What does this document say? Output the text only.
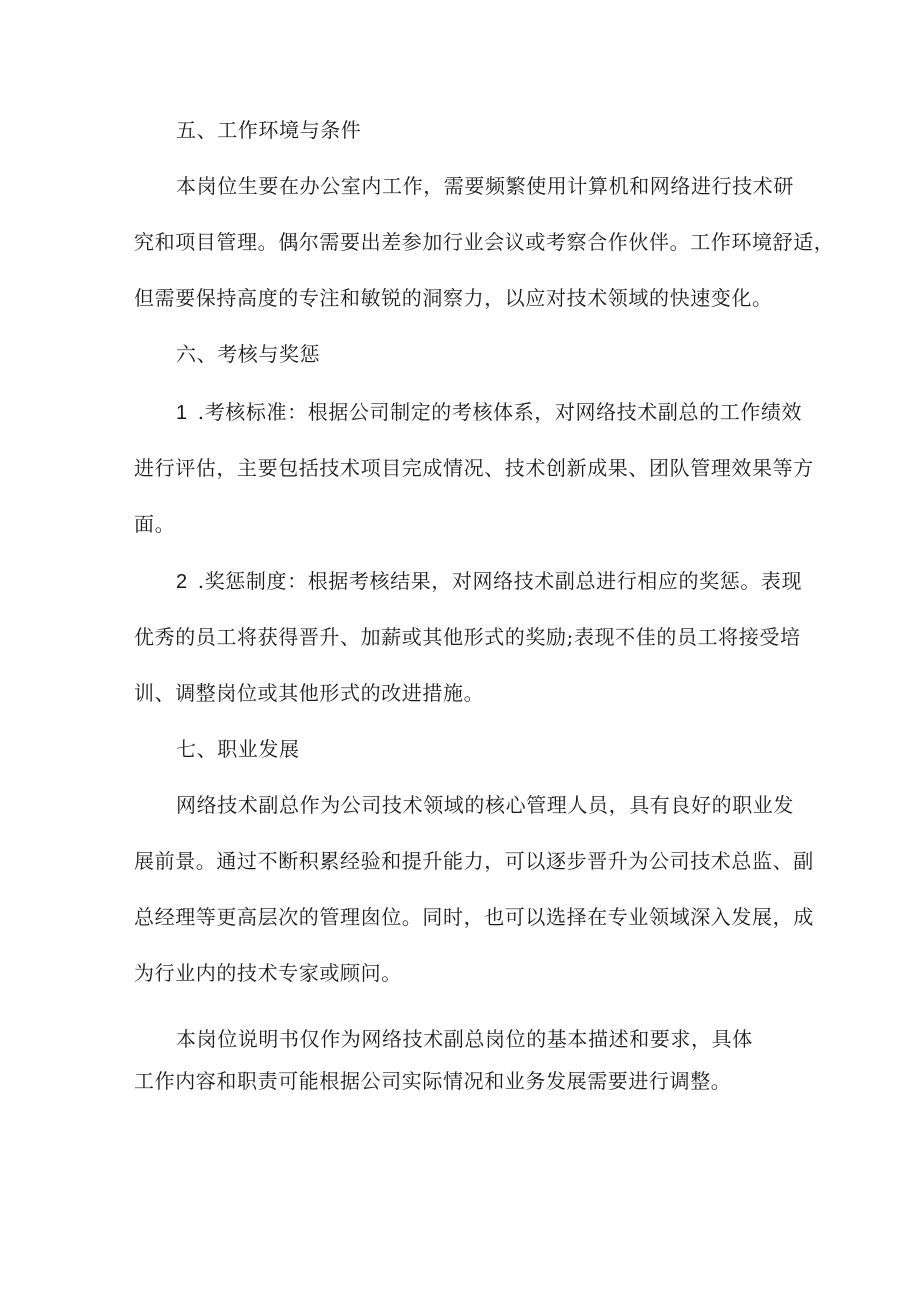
五、工作环境与条件
本岗位生要在办公室内工作，需要频繁使用计算机和网络进行技术研
究和项目管理。偶尔需要出差参加行业会议或考察合作伙伴。工作环境舒适，
但需要保持高度的专注和敏锐的洞察力，以应对技术领域的快速变化。
六、考核与奖惩
1 .考核标准：根据公司制定的考核体系，对网络技术副总的工作绩效
进行评估，主要包括技术项目完成情况、技术创新成果、团队管理效果等方
面。
2 .奖惩制度：根据考核结果，对网络技术副总进行相应的奖惩。表现
优秀的员工将获得晋升、加薪或其他形式的奖励;表现不佳的员工将接受培
训、调整岗位或其他形式的改进措施。
七、职业发展
网络技术副总作为公司技术领域的核心管理人员，具有良好的职业发
展前景。通过不断积累经验和提升能力，可以逐步晋升为公司技术总监、副
总经理等更高层次的管理囱位。同时，也可以选择在专业领域深入发展，成
为行业内的技术专家或顾问。
本岗位说明书仅作为网络技术副总岗位的基本描述和要求，具体
工作内容和职责可能根据公司实际情况和业务发展需要进行调整。
